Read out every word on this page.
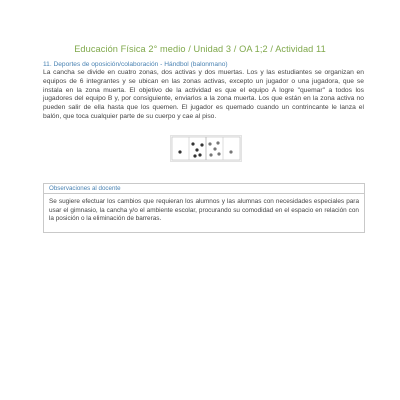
Educación Física 2° medio / Unidad 3 / OA 1;2 / Actividad 11
11. Deportes de oposición/colaboración - Hándbol (balonmano)
La cancha se divide en cuatro zonas, dos activas y dos muertas. Los y las estudiantes se organizan en equipos de 6 integrantes y se ubican en las zonas activas, excepto un jugador o una jugadora, que se instala en la zona muerta. El objetivo de la actividad es que el equipo A logre "quemar" a todos los jugadores del equipo B y, por consiguiente, enviarlos a la zona muerta. Los que están en la zona activa no pueden salir de ella hasta que los quemen. El jugador es quemado cuando un contrincante le lanza el balón, que toca cualquier parte de su cuerpo y cae al piso.
Observaciones al docente
Se sugiere efectuar los cambios que requieran los alumnos y las alumnas con necesidades especiales para usar el gimnasio, la cancha y/o el ambiente escolar, procurando su comodidad en el espacio en relación con la posición o la eliminación de barreras.
